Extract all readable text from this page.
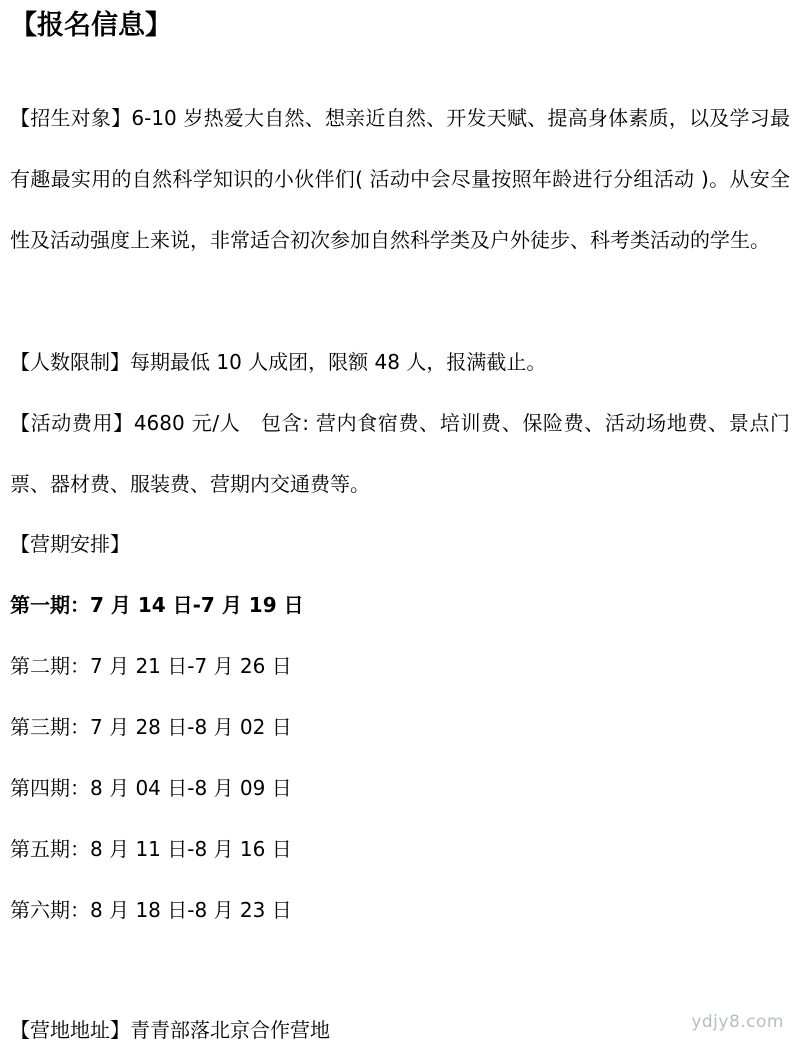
【报名信息】
【招生对象】6-10 岁热爱大自然、想亲近自然、开发天赋、提高身体素质，以及学习最有趣最实用的自然科学知识的小伙伴们( 活动中会尽量按照年龄进行分组活动 )。从安全性及活动强度上来说，非常适合初次参加自然科学类及户外徒步、科考类活动的学生。
【人数限制】每期最低 10 人成团，限额 48 人，报满截止。
【活动费用】4680 元/人　包含: 营内食宿费、培训费、保险费、活动场地费、景点门票、器材费、服装费、营期内交通费等。
【营期安排】
第一期：7 月 14 日-7 月 19 日
第二期：7 月 21 日-7 月 26 日
第三期：7 月 28 日-8 月 02 日
第四期：8 月 04 日-8 月 09 日
第五期：8 月 11 日-8 月 16 日
第六期：8 月 18 日-8 月 23 日
【营地地址】青青部落北京合作营地	ydjy8.com
